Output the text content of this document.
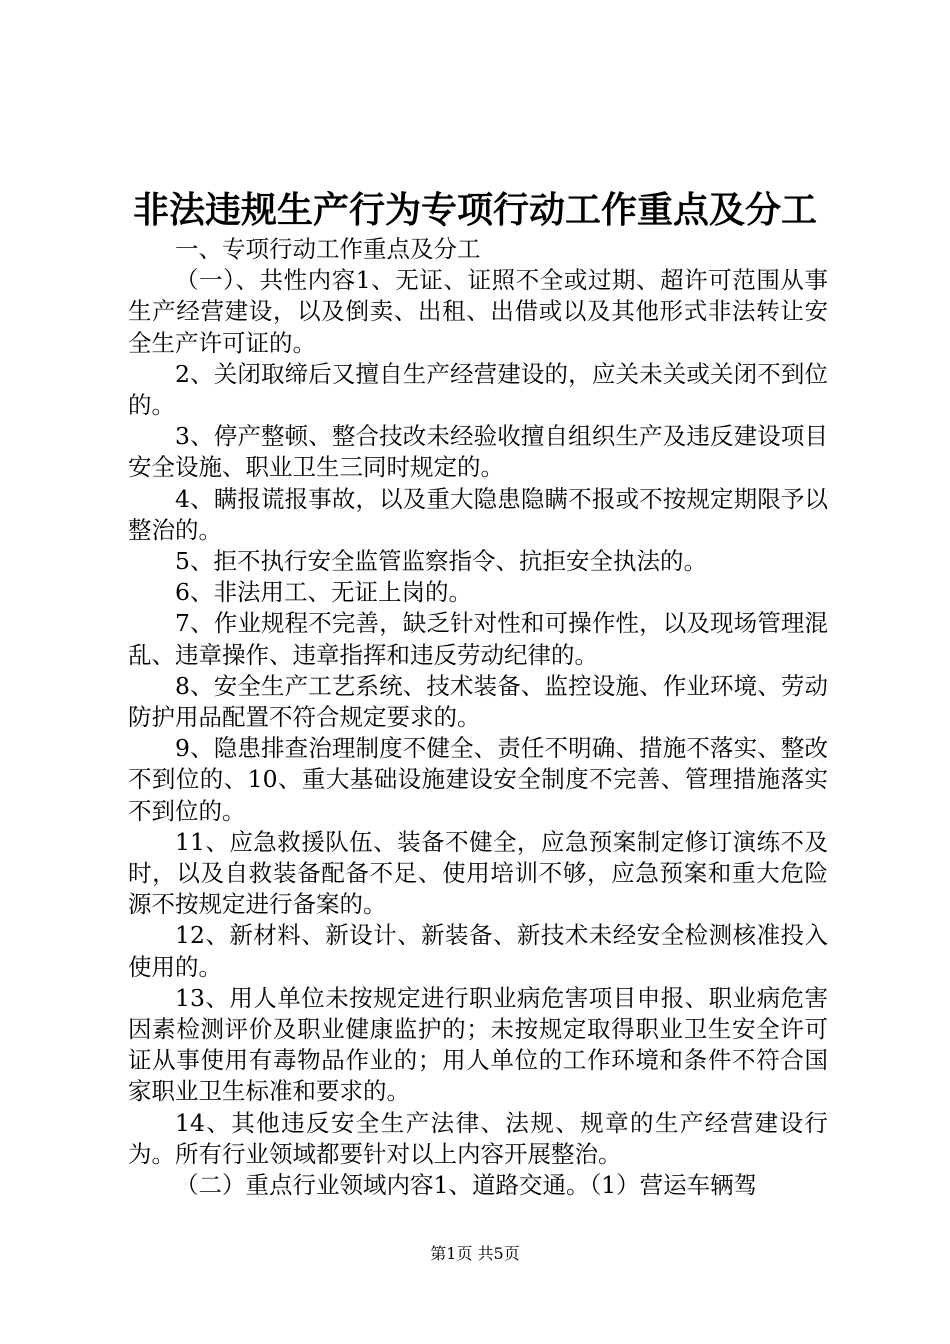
非法违规生产行为专项行动工作重点及分工

一、专项行动工作重点及分工

（一）、共性内容1、无证、证照不全或过期、超许可范围从事生产经营建设，以及倒卖、出租、出借或以及其他形式非法转让安全生产许可证的。

2、关闭取缔后又擅自生产经营建设的，应关未关或关闭不到位的。

3、停产整顿、整合技改未经验收擅自组织生产及违反建设项目安全设施、职业卫生三同时规定的。

4、瞒报谎报事故，以及重大隐患隐瞒不报或不按规定期限予以整治的。

5、拒不执行安全监管监察指令、抗拒安全执法的。

6、非法用工、无证上岗的。

7、作业规程不完善，缺乏针对性和可操作性，以及现场管理混乱、违章操作、违章指挥和违反劳动纪律的。

8、安全生产工艺系统、技术装备、监控设施、作业环境、劳动防护用品配置不符合规定要求的。

9、隐患排查治理制度不健全、责任不明确、措施不落实、整改不到位的、10、重大基础设施建设安全制度不完善、管理措施落实不到位的。

11、应急救援队伍、装备不健全，应急预案制定修订演练不及时，以及自救装备配备不足、使用培训不够，应急预案和重大危险源不按规定进行备案的。

12、新材料、新设计、新装备、新技术未经安全检测核准投入使用的。

13、用人单位未按规定进行职业病危害项目申报、职业病危害因素检测评价及职业健康监护的；未按规定取得职业卫生安全许可证从事使用有毒物品作业的；用人单位的工作环境和条件不符合国家职业卫生标准和要求的。

14、其他违反安全生产法律、法规、规章的生产经营建设行为。所有行业领域都要针对以上内容开展整治。

（二）重点行业领域内容1、道路交通。（1）营运车辆驾

第1页 共5页
